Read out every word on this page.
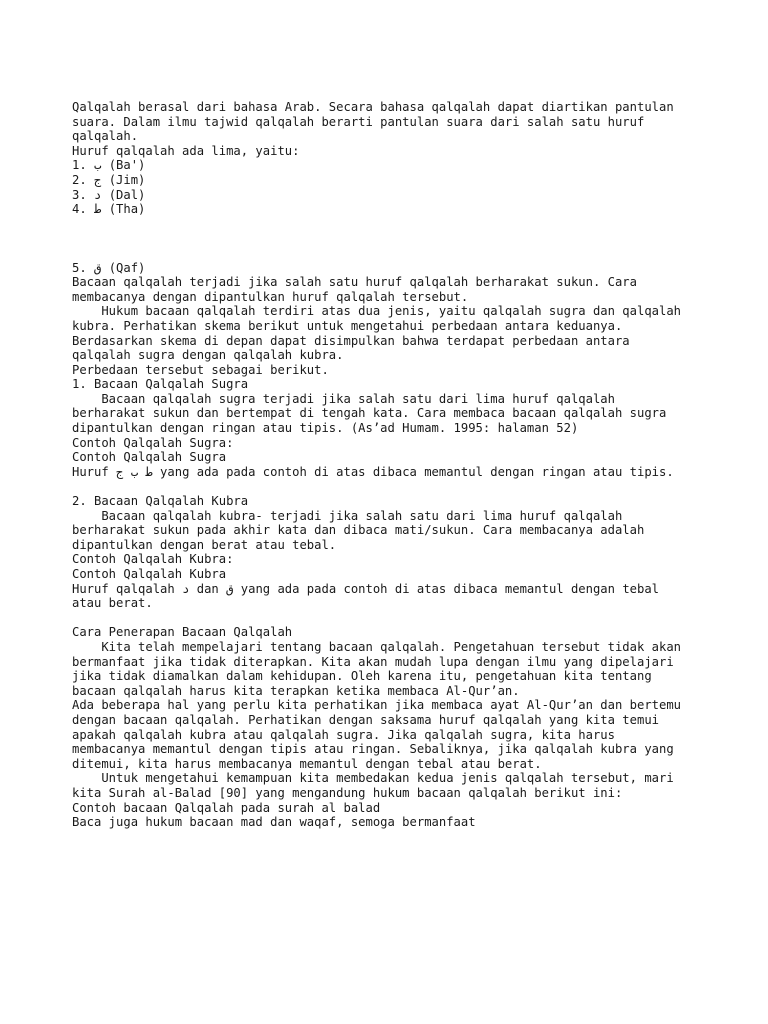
Qalqalah berasal dari bahasa Arab. Secara bahasa qalqalah dapat diartikan pantulan
suara. Dalam ilmu tajwid qalqalah berarti pantulan suara dari salah satu huruf
qalqalah.
Huruf qalqalah ada lima, yaitu:
1. ب (Ba')
2. ج (Jim)
3. د (Dal)
4. ط (Tha)
5. ق (Qaf)
Bacaan qalqalah terjadi jika salah satu huruf qalqalah berharakat sukun. Cara
membacanya dengan dipantulkan huruf qalqalah tersebut.
Hukum bacaan qalqalah terdiri atas dua jenis, yaitu qalqalah sugra dan qalqalah
kubra. Perhatikan skema berikut untuk mengetahui perbedaan antara keduanya.
Berdasarkan skema di depan dapat disimpulkan bahwa terdapat perbedaan antara
qalqalah sugra dengan qalqalah kubra.
Perbedaan tersebut sebagai berikut.
1. Bacaan Qalqalah Sugra
Bacaan qalqalah sugra terjadi jika salah satu dari lima huruf qalqalah
berharakat sukun dan bertempat di tengah kata. Cara membaca bacaan qalqalah sugra
dipantulkan dengan ringan atau tipis. (As’ad Humam. 1995: halaman 52)
Contoh Qalqalah Sugra:
Contoh Qalqalah Sugra
Huruf ط ب ج yang ada pada contoh di atas dibaca memantul dengan ringan atau tipis.
2. Bacaan Qalqalah Kubra
Bacaan qalqalah kubra- terjadi jika salah satu dari lima huruf qalqalah
berharakat sukun pada akhir kata dan dibaca mati/sukun. Cara membacanya adalah
dipantulkan dengan berat atau tebal.
Contoh Qalqalah Kubra:
Contoh Qalqalah Kubra
Huruf qalqalah د dan ق yang ada pada contoh di atas dibaca memantul dengan tebal
atau berat.
Cara Penerapan Bacaan Qalqalah
Kita telah mempelajari tentang bacaan qalqalah. Pengetahuan tersebut tidak akan
bermanfaat jika tidak diterapkan. Kita akan mudah lupa dengan ilmu yang dipelajari
jika tidak diamalkan dalam kehidupan. Oleh karena itu, pengetahuan kita tentang
bacaan qalqalah harus kita terapkan ketika membaca Al-Qur’an.
Ada beberapa hal yang perlu kita perhatikan jika membaca ayat Al-Qur’an dan bertemu
dengan bacaan qalqalah. Perhatikan dengan saksama huruf qalqalah yang kita temui
apakah qalqalah kubra atau qalqalah sugra. Jika qalqalah sugra, kita harus
membacanya memantul dengan tipis atau ringan. Sebaliknya, jika qalqalah kubra yang
ditemui, kita harus membacanya memantul dengan tebal atau berat.
Untuk mengetahui kemampuan kita membedakan kedua jenis qalqalah tersebut, mari
kita Surah al-Balad [90] yang mengandung hukum bacaan qalqalah berikut ini:
Contoh bacaan Qalqalah pada surah al balad
Baca juga hukum bacaan mad dan waqaf, semoga bermanfaat
